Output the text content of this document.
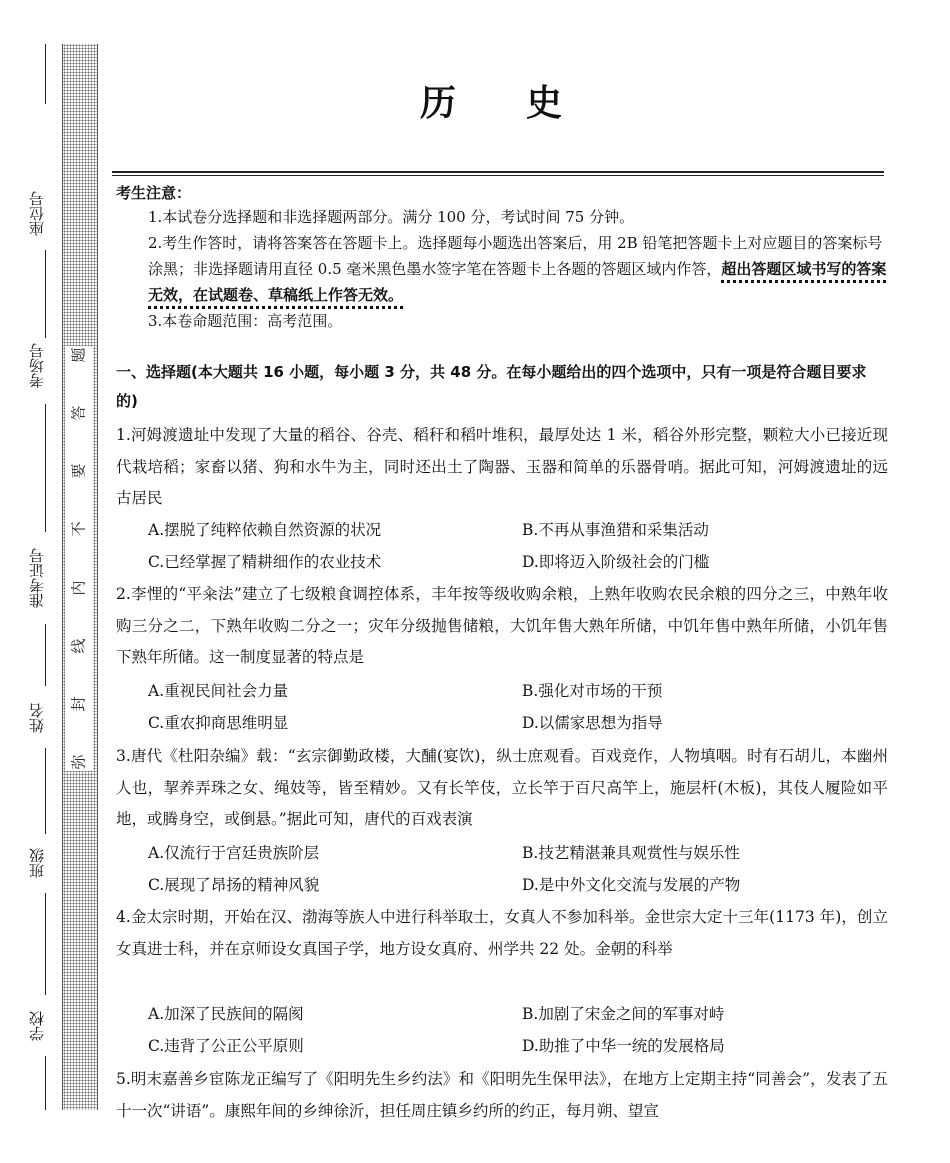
座位号
考场号
准考证号
姓名
班级
学校
题
答
要
不
内
线
封
弥
历史
考生注意：
1.本试卷分选择题和非选择题两部分。满分 100 分，考试时间 75 分钟。
2.考生作答时，请将答案答在答题卡上。选择题每小题选出答案后，用 2B 铅笔把答题卡上对应题目的答案标号涂黑；非选择题请用直径 0.5 毫米黑色墨水签字笔在答题卡上各题的答题区域内作答，超出答题区域书写的答案无效，在试题卷、草稿纸上作答无效。
3.本卷命题范围：高考范围。
一、选择题(本大题共 16 小题，每小题 3 分，共 48 分。在每小题给出的四个选项中，只有一项是符合题目要求的)
1.河姆渡遗址中发现了大量的稻谷、谷壳、稻秆和稻叶堆积，最厚处达 1 米，稻谷外形完整，颗粒大小已接近现代栽培稻；家畜以猪、狗和水牛为主，同时还出土了陶器、玉器和简单的乐器骨哨。据此可知，河姆渡遗址的远古居民
A.摆脱了纯粹依赖自然资源的状况	B.不再从事渔猎和采集活动
C.已经掌握了精耕细作的农业技术	D.即将迈入阶级社会的门槛
2.李悝的“平籴法”建立了七级粮食调控体系，丰年按等级收购余粮，上熟年收购农民余粮的四分之三，中熟年收购三分之二，下熟年收购二分之一；灾年分级抛售储粮，大饥年售大熟年所储，中饥年售中熟年所储，小饥年售下熟年所储。这一制度显著的特点是
A.重视民间社会力量	B.强化对市场的干预
C.重农抑商思维明显	D.以儒家思想为指导
3.唐代《杜阳杂编》载：“玄宗御勤政楼，大酺(宴饮)，纵士庶观看。百戏竞作，人物填咽。时有石胡儿，本幽州人也，挈养弄珠之女、绳妓等，皆至精妙。又有长竿伎，立长竿于百尺高竿上，施层杆(木板)，其伎人履险如平地，或腾身空，或倒悬。”据此可知，唐代的百戏表演
A.仅流行于宫廷贵族阶层	B.技艺精湛兼具观赏性与娱乐性
C.展现了昂扬的精神风貌	D.是中外文化交流与发展的产物
4.金太宗时期，开始在汉、渤海等族人中进行科举取士，女真人不参加科举。金世宗大定十三年(1173 年)，创立女真进士科，并在京师设女真国子学，地方设女真府、州学共 22 处。金朝的科举
A.加深了民族间的隔阂	B.加剧了宋金之间的军事对峙
C.违背了公正公平原则	D.助推了中华一统的发展格局
5.明末嘉善乡宦陈龙正编写了《阳明先生乡约法》和《阳明先生保甲法》，在地方上定期主持“同善会”，发表了五十一次“讲语”。康熙年间的乡绅徐沂，担任周庄镇乡约所的约正，每月朔、望宣
